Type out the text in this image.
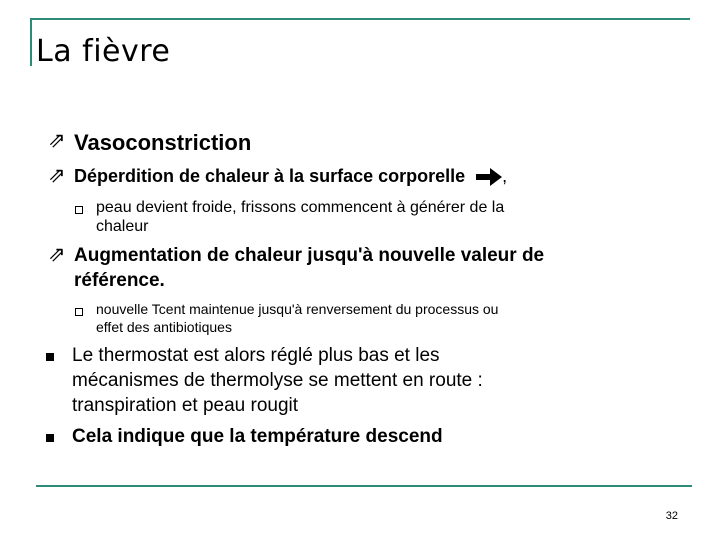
La fièvre
⇗ Vasoconstriction
⇗ Déperdition de chaleur à la surface corporelle ,
peau devient froide, frissons commencent à générer de la
chaleur
⇗ Augmentation de chaleur jusqu'à nouvelle valeur de
référence.
nouvelle Tcent maintenue jusqu'à renversement du processus ou
effet des antibiotiques
Le thermostat est alors réglé plus bas et les
mécanismes de thermolyse se mettent en route :
transpiration et peau rougit
Cela indique que la température descend
32
